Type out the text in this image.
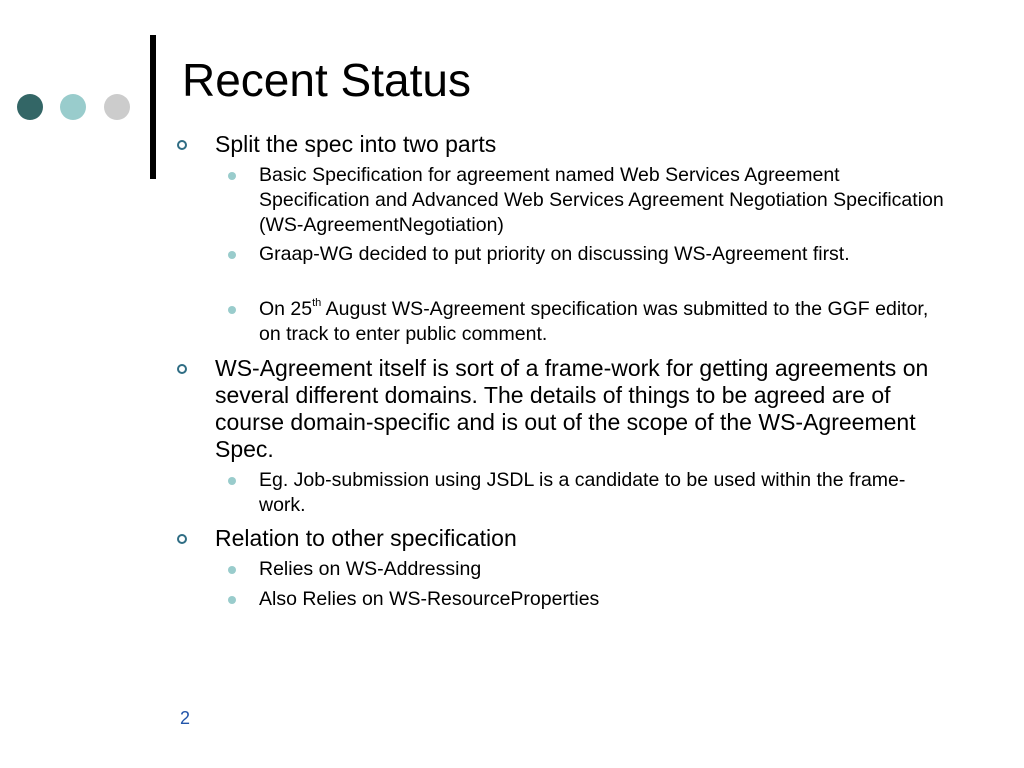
Recent Status
Split the spec into two parts
Basic Specification for agreement named Web Services Agreement Specification and Advanced Web Services Agreement Negotiation Specification (WS-AgreementNegotiation)
Graap-WG decided to put priority on discussing WS-Agreement first.
On 25th August WS-Agreement specification was submitted to the GGF editor, on track to enter public comment.
WS-Agreement itself is sort of a frame-work for getting agreements on several different domains. The details of things to be agreed are of course domain-specific and is out of the scope of the WS-Agreement Spec.
Eg. Job-submission using JSDL is a candidate to be used within the frame-work.
Relation to other specification
Relies on WS-Addressing
Also Relies on WS-ResourceProperties
2
